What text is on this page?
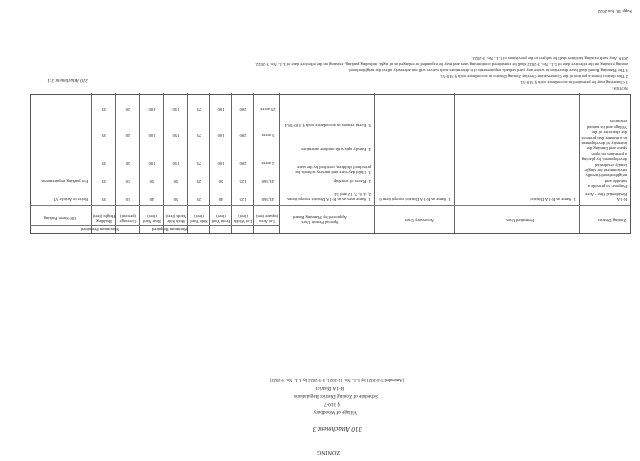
ZONING
310 Attachment 3
Village of Woodbury
§ 310-7
Schedule of Zoning District Regulations
R-1A District
[Amended 5-4-2021 by L.L. No. 11-2021; 3-3-2022 by L.L. No. 3-2022]
Zoning District
Permitted Uses
Accessory Uses
Special Permit Uses
Approved by Planning Board
Minimum Required
Maximum Permitted
Lot Area (square feet)
Lot Width (feet)
Front Yard (feet)
Side Yard (feet)
Both Side Yards (feet)
Rear Yard (feet)
Coverage (percent)
Building Height (feet)
Off-Street Parking
R-1A
Residential One - Acre
Purpose: to provide a suitable and neighborhood-friendly environment for single-family residential development, by placing a premium on open space and limiting the intensity of development in a manner that protects the character of the Village and its natural resources
1. Same as R-1A District
1. Same as R-1A District except item 6
1. Same uses as in R-1A District except items 2, 4, 6, 7, 12 and 14
2. Places of worship
3. Child day-care and nursery schools for preschool children, certified by the state
4. Family apts with outdoor amenities
5. Event venues in accordance with § 310-58.4
43,560
125
40
25
50
40
10
35
Refer to Article VI
43,560
125
50
25
50
50
10
35
For parking requirements
2 acres
200
100
75
150
100
20
35
5 acres
200
100
75
150
100
20
35
25 acres
200
100
75
150
100
20
35
NOTES:
1 Clustering may be permitted in accordance with § 310-53.
2 This district forms a portion of the Conservation Overlay Zoning District in accordance with § 310-51.
3 The Planning Board shall have discretion to waive any yard setback requirements if it determines such waiver will not adversely affect the neighborhood.
zoning existing on the effective date of L.L. No. 3-2022 shall be considered conforming uses and may be expanded or enlarged as of right, including parking, existing on the effective date of L.L. No. 3-2022.
2019. Any such existing facilities shall be subject to the provisions of L.L. No. 3-2022.
310 Attachment 3:1
Supp 38, Jun 2022
